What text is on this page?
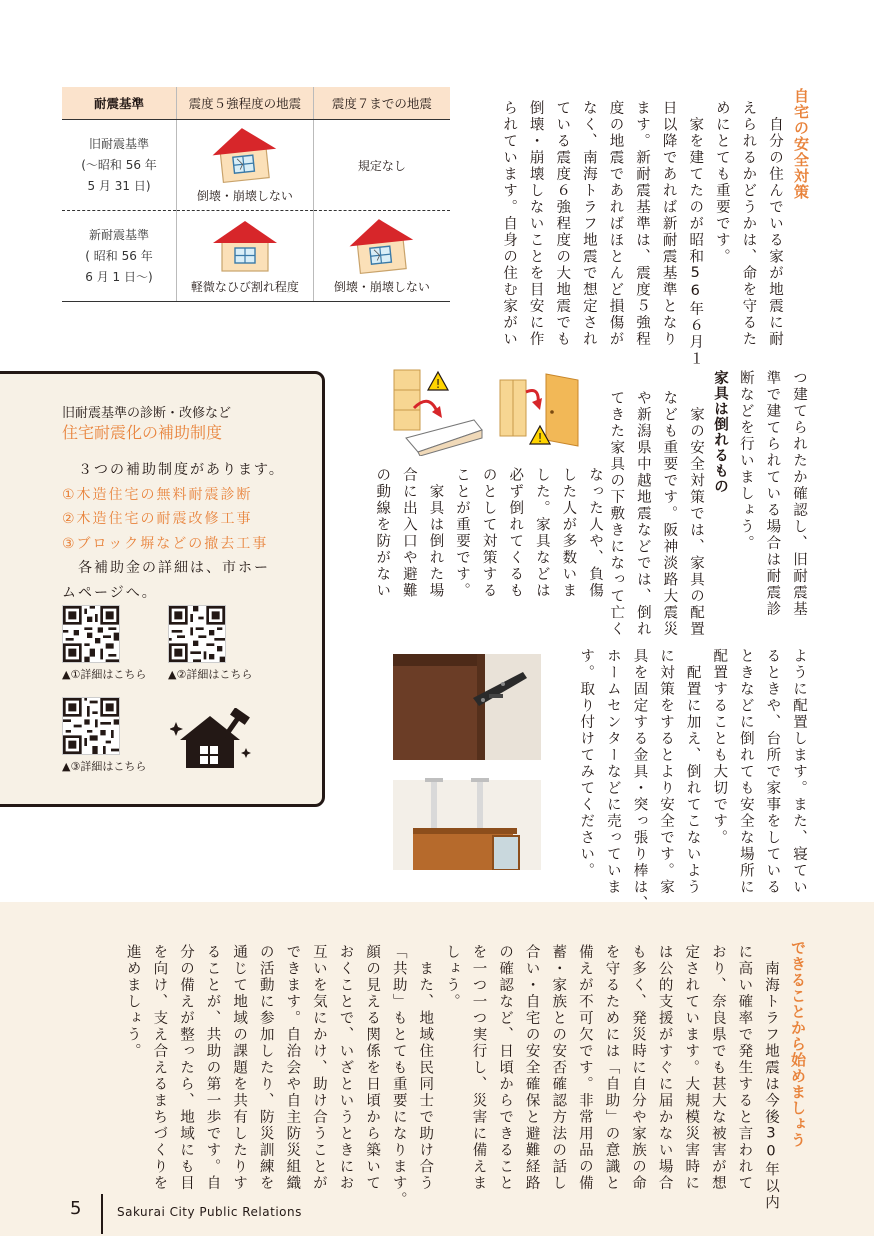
耐震基準	震度５強程度の地震	震度７までの地震

旧耐震基準
(〜昭和 56 年
5 月 31 日)	倒壊・崩壊しない	規定なし

新耐震基準
( 昭和 56 年
6 月 1 日〜)	軽微なひび割れ程度	倒壊・崩壊しない
自宅の安全対策
　自分の住んでいる家が地震に耐
えられるかどうかは、命を守るた
めにとても重要です。
　家を建てたのが昭和56年６月１
日以降であれば新耐震基準となり
ます。新耐震基準は、震度５強程
度の地震であればほとんど損傷が
なく、南海トラフ地震で想定され
ている震度６強程度の大地震でも
倒壊・崩壊しないことを目安に作
られています。自身の住む家がい
つ建てられたか確認し、旧耐震基
準で建てられている場合は耐震診
断などを行いましょう。
家具は倒れるもの
　家の安全対策では、家具の配置
なども重要です。阪神淡路大震災
や新潟県中越地震などでは、倒れ
てきた家具の下敷きになって亡く
なった人や、負傷
した人が多数いま
した。家具などは
必ず倒れてくるも
のとして対策する
ことが重要です。
　家具は倒れた場
合に出入口や避難
の動線を防がない
ように配置します。また、寝てい
るときや、台所で家事をしている
ときなどに倒れても安全な場所に
配置することも大切です。
　配置に加え、倒れてこないよう
に対策をするとより安全です。家
具を固定する金具・突っ張り棒は、
ホームセンターなどに売っていま
す。取り付けてみてください。
!
!
旧耐震基準の診断・改修など
住宅耐震化の補助制度
　３つの補助制度があります。
①木造住宅の無料耐震診断
②木造住宅の耐震改修工事
③ブロック塀などの撤去工事
　各補助金の詳細は、市ホー
ムページへ。
▲①詳細はこちら ▲②詳細はこちら
▲③詳細はこちら
できることから始めましょう
　南海トラフ地震は今後30年以内
に高い確率で発生すると言われて
おり、奈良県でも甚大な被害が想
定されています。大規模災害時に
は公的支援がすぐに届かない場合
も多く、発災時に自分や家族の命
を守るためには「自助」の意識と
備えが不可欠です。非常用品の備
蓄・家族との安否確認方法の話し
合い・自宅の安全確保と避難経路
の確認など、日頃からできること
を一つ一つ実行し、災害に備えま
しょう。
　また、地域住民同士で助け合う
「共助」もとても重要になります。
顔の見える関係を日頃から築いて
おくことで、いざというときにお
互いを気にかけ、助け合うことが
できます。自治会や自主防災組織
の活動に参加したり、防災訓練を
通じて地域の課題を共有したりす
ることが、共助の第一歩です。自
分の備えが整ったら、地域にも目
を向け、支え合えるまちづくりを
進めましょう。
5	Sakurai City Public Relations
